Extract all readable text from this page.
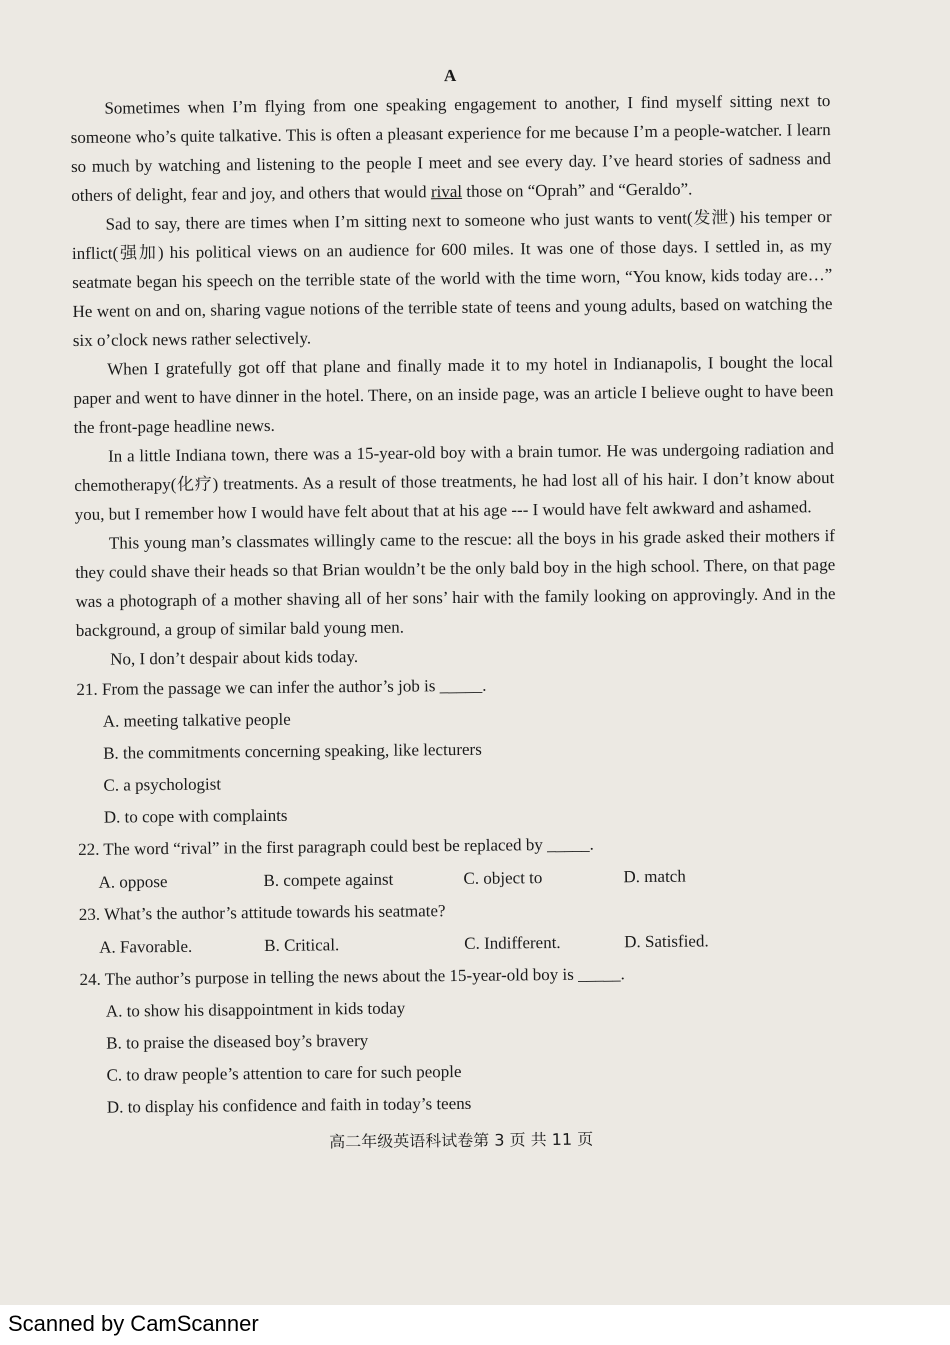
A

Sometimes when I’m flying from one speaking engagement to another, I find myself sitting next to someone who’s quite talkative. This is often a pleasant experience for me because I’m a people-watcher. I learn so much by watching and listening to the people I meet and see every day. I’ve heard stories of sadness and others of delight, fear and joy, and others that would rival those on “Oprah” and “Geraldo”.

Sad to say, there are times when I’m sitting next to someone who just wants to vent(发泄) his temper or inflict(强加) his political views on an audience for 600 miles. It was one of those days. I settled in, as my seatmate began his speech on the terrible state of the world with the time worn, “You know, kids today are…” He went on and on, sharing vague notions of the terrible state of teens and young adults, based on watching the six o’clock news rather selectively.

When I gratefully got off that plane and finally made it to my hotel in Indianapolis, I bought the local paper and went to have dinner in the hotel. There, on an inside page, was an article I believe ought to have been the front-page headline news.

In a little Indiana town, there was a 15-year-old boy with a brain tumor. He was undergoing radiation and chemotherapy(化疗) treatments. As a result of those treatments, he had lost all of his hair. I don’t know about you, but I remember how I would have felt about that at his age --- I would have felt awkward and ashamed.

This young man’s classmates willingly came to the rescue: all the boys in his grade asked their mothers if they could shave their heads so that Brian wouldn’t be the only bald boy in the high school. There, on that page was a photograph of a mother shaving all of her sons’ hair with the family looking on approvingly. And in the background, a group of similar bald young men.

No, I don’t despair about kids today.

21. From the passage we can infer the author’s job is _____.

A. meeting talkative people

B. the commitments concerning speaking, like lecturers

C. a psychologist

D. to cope with complaints

22. The word “rival” in the first paragraph could best be replaced by _____.

A. oppose	B. compete against	C. object to	D. match

23. What’s the author’s attitude towards his seatmate?

A. Favorable.	B. Critical.	C. Indifferent.	D. Satisfied.

24. The author’s purpose in telling the news about the 15-year-old boy is _____.

A. to show his disappointment in kids today

B. to praise the diseased boy’s bravery

C. to draw people’s attention to care for such people

D. to display his confidence and faith in today’s teens

高二年级英语科试卷第 3 页 共 11 页
Scanned by CamScanner
